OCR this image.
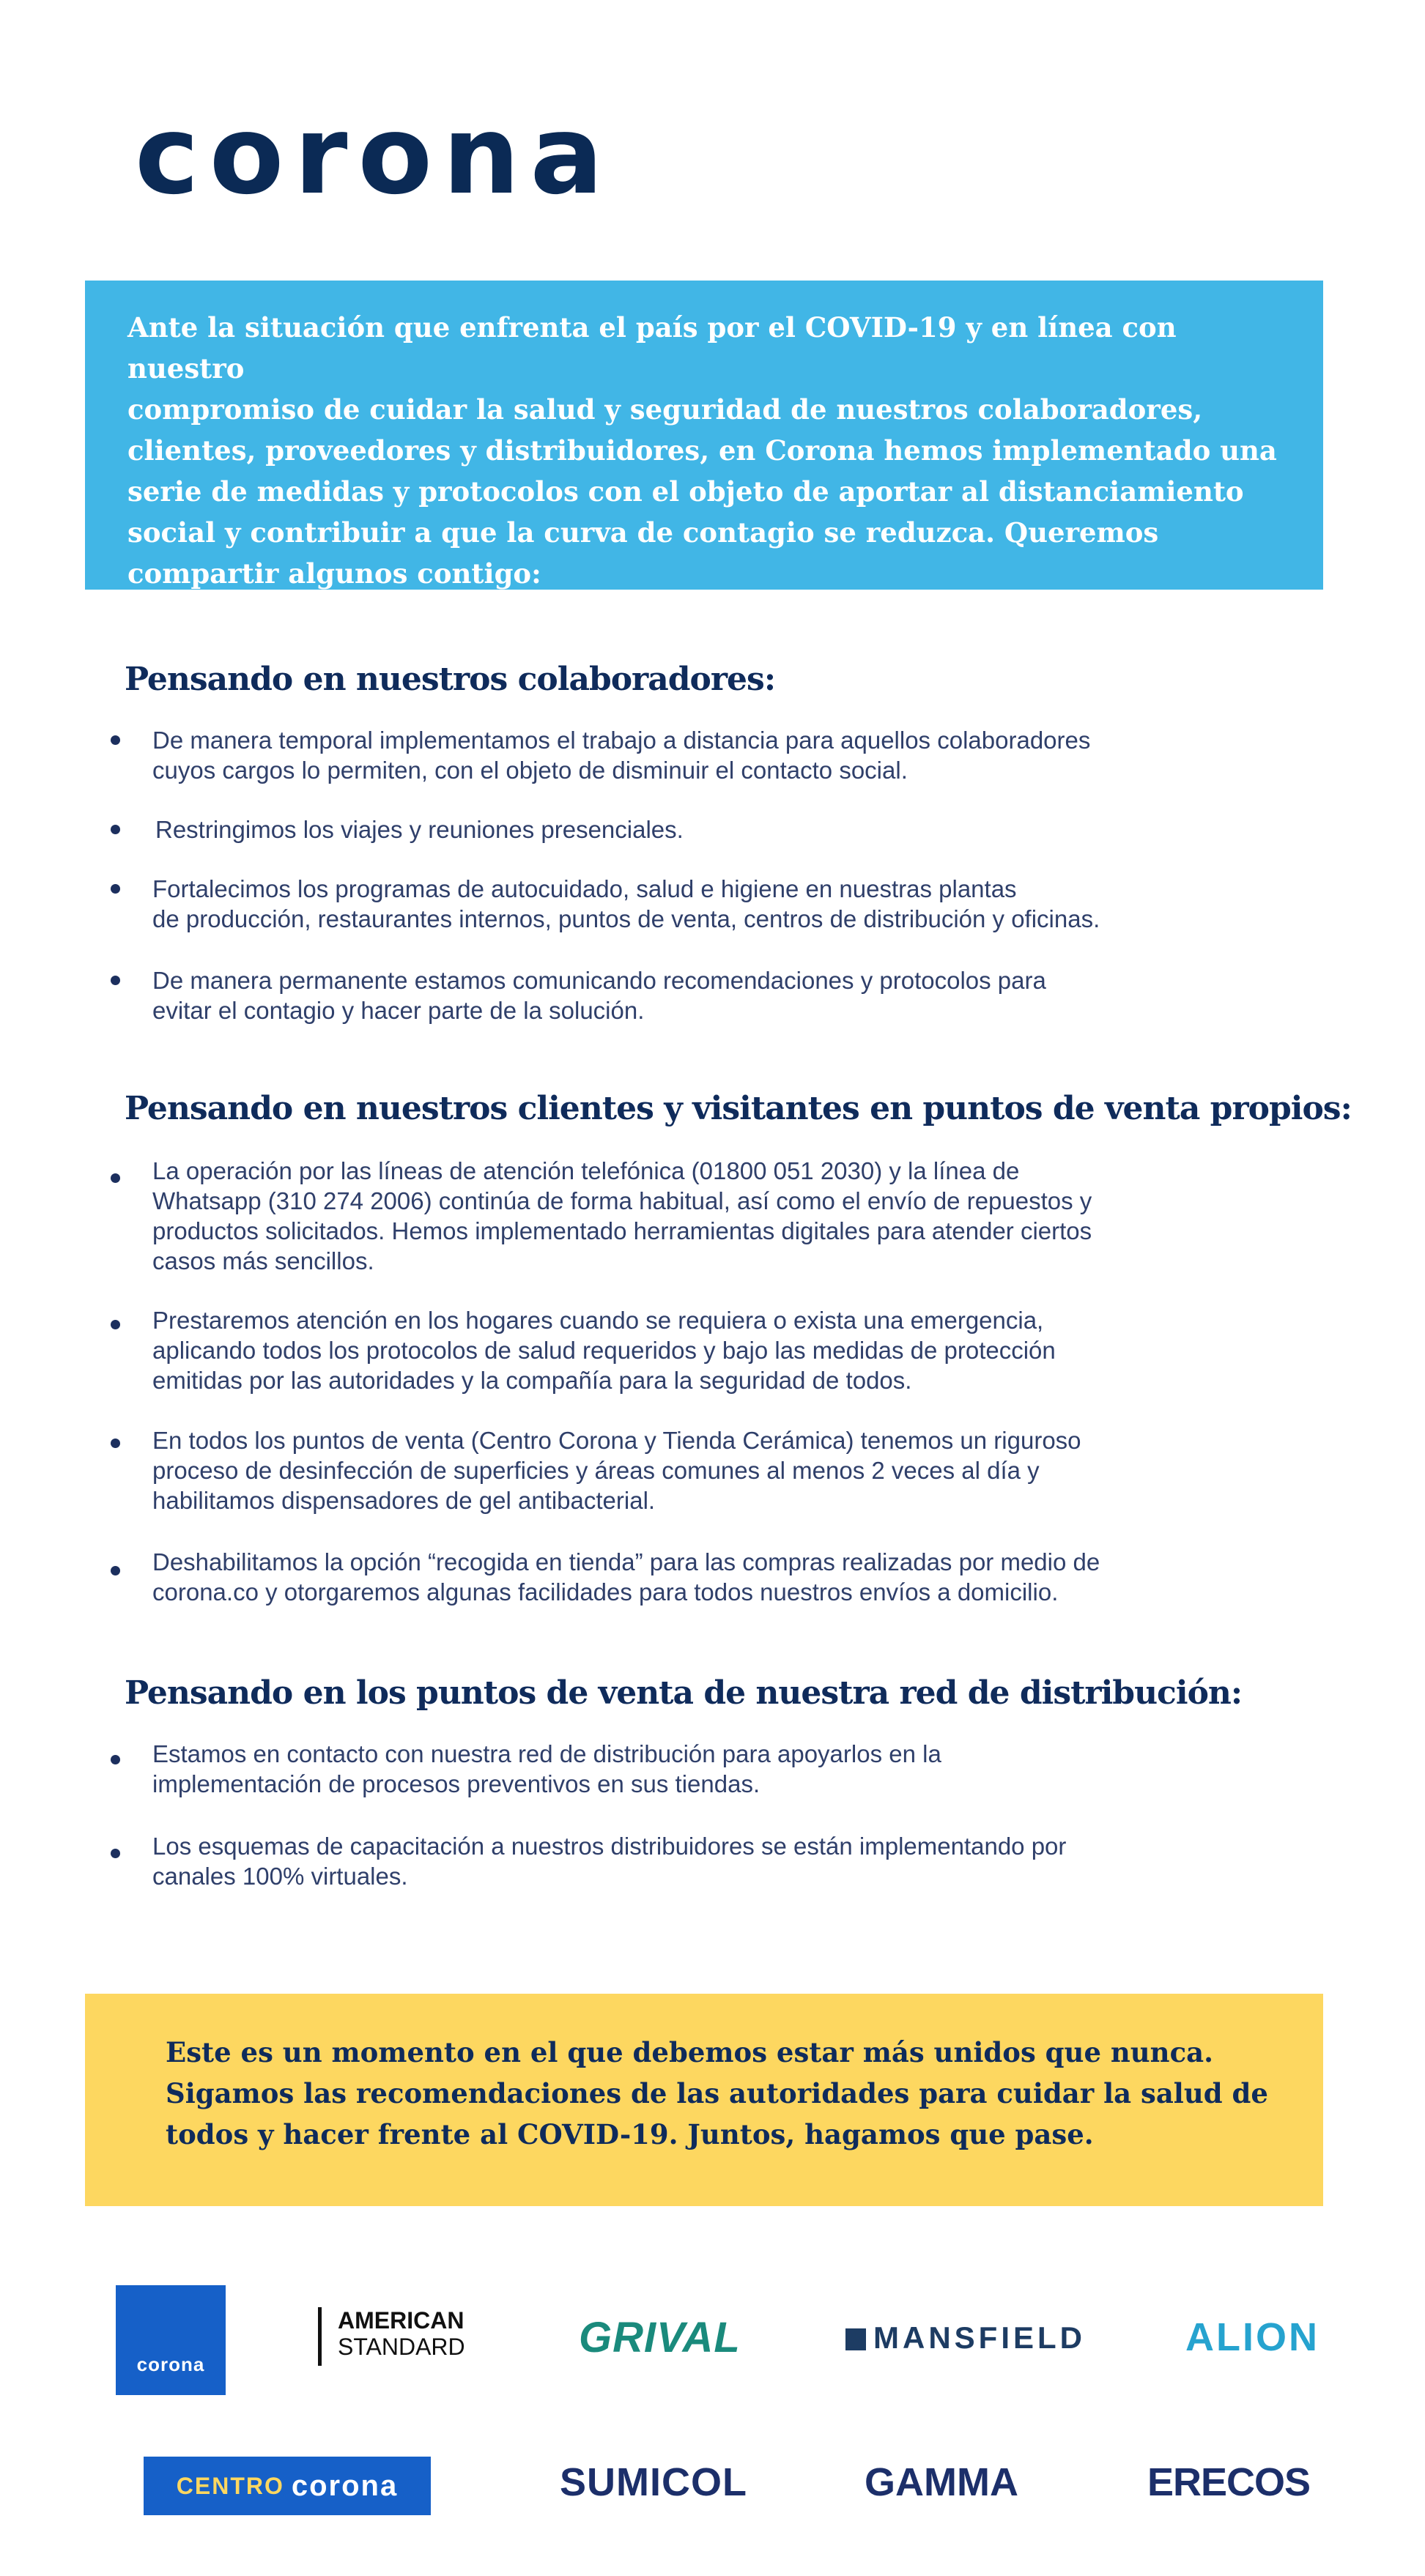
corona
Ante la situación que enfrenta el país por el COVID-19 y en línea con nuestro
compromiso de cuidar la salud y seguridad de nuestros colaboradores,
clientes, proveedores y distribuidores, en Corona hemos implementado una
serie de medidas y protocolos con el objeto de aportar al distanciamiento
social y contribuir a que la curva de contagio se reduzca. Queremos
compartir algunos contigo:
Pensando en nuestros colaboradores:
De manera temporal implementamos el trabajo a distancia para aquellos colaboradores
cuyos cargos lo permiten, con el objeto de disminuir el contacto social.
Restringimos los viajes y reuniones presenciales.
Fortalecimos los programas de autocuidado, salud e higiene en nuestras plantas
de producción, restaurantes internos, puntos de venta, centros de distribución y oficinas.
De manera permanente estamos comunicando recomendaciones y protocolos para
evitar el contagio y hacer parte de la solución.
Pensando en nuestros clientes y visitantes en puntos de venta propios:
La operación por las líneas de atención telefónica (01800 051 2030) y la línea de
Whatsapp (310 274 2006) continúa de forma habitual, así como el envío de repuestos y
productos solicitados. Hemos implementado herramientas digitales para atender ciertos
casos más sencillos.
Prestaremos atención en los hogares cuando se requiera o exista una emergencia,
aplicando todos los protocolos de salud requeridos y bajo las medidas de protección
emitidas por las autoridades y la compañía para la seguridad de todos.
En todos los puntos de venta (Centro Corona y Tienda Cerámica) tenemos un riguroso
proceso de desinfección de superficies y áreas comunes al menos 2 veces al día y
habilitamos dispensadores de gel antibacterial.
Deshabilitamos la opción “recogida en tienda” para las compras realizadas por medio de
corona.co y otorgaremos algunas facilidades para todos nuestros envíos a domicilio.
Pensando en los puntos de venta de nuestra red de distribución:
Estamos en contacto con nuestra red de distribución para apoyarlos en la
implementación de procesos preventivos en sus tiendas.
Los esquemas de capacitación a nuestros distribuidores se están implementando por
canales 100% virtuales.
Este es un momento en el que debemos estar más unidos que nunca.
Sigamos las recomendaciones de las autoridades para cuidar la salud de
todos y hacer frente al COVID-19. Juntos, hagamos que pase.
corona
AMERICAN
STANDARD	GRIVAL	MANSFIELD	ALION
CENTRO corona	SUMICOL	GAMMA	ERECOS
